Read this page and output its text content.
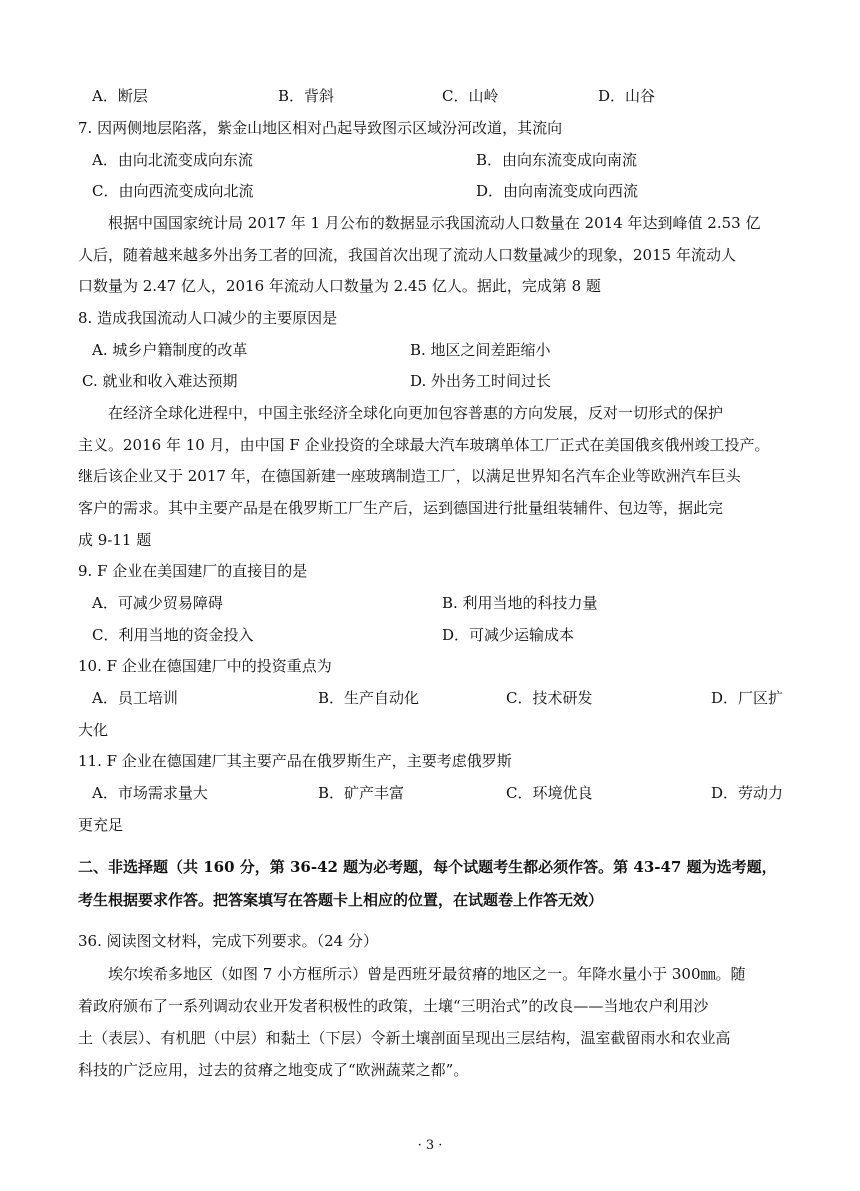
A．断层	B．背斜	C．山岭	D．山谷
7. 因两侧地层陷落，紫金山地区相对凸起导致图示区域汾河改道，其流向
A．由向北流变成向东流	B．由向东流变成向南流
C．由向西流变成向北流	D．由向南流变成向西流
根据中国国家统计局 2017 年 1 月公布的数据显示我国流动人口数量在 2014 年达到峰值 2.53 亿
人后，随着越来越多外出务工者的回流，我国首次出现了流动人口数量减少的现象，2015 年流动人
口数量为 2.47 亿人，2016 年流动人口数量为 2.45 亿人。据此，完成第 8 题
8. 造成我国流动人口减少的主要原因是
A. 城乡户籍制度的改革	B. 地区之间差距缩小
C. 就业和收入难达预期	D. 外出务工时间过长
在经济全球化进程中，中国主张经济全球化向更加包容普惠的方向发展，反对一切形式的保护
主义。2016 年 10 月，由中国 F 企业投资的全球最大汽车玻璃单体工厂正式在美国俄亥俄州竣工投产。
继后该企业又于 2017 年，在德国新建一座玻璃制造工厂，以满足世界知名汽车企业等欧洲汽车巨头
客户的需求。其中主要产品是在俄罗斯工厂生产后，运到德国进行批量组装辅件、包边等，据此完
成 9-11 题
9. F 企业在美国建厂的直接目的是
A．可减少贸易障碍	B. 利用当地的科技力量
C．利用当地的资金投入	D．可减少运输成本
10. F 企业在德国建厂中的投资重点为
A．员工培训	B．生产自动化	C．技术研发	D．厂区扩
大化
11. F 企业在德国建厂其主要产品在俄罗斯生产，主要考虑俄罗斯
A．市场需求量大	B．矿产丰富	C．环境优良	D．劳动力
更充足
二、非选择题（共 160 分，第 36-42 题为必考题，每个试题考生都必须作答。第 43-47 题为选考题，
考生根据要求作答。把答案填写在答题卡上相应的位置，在试题卷上作答无效）
36. 阅读图文材料，完成下列要求。（24 分）
埃尔埃希多地区（如图 7 小方框所示）曾是西班牙最贫瘠的地区之一。年降水量小于 300㎜。随
着政府颁布了一系列调动农业开发者积极性的政策，土壤“三明治式”的改良——当地农户利用沙
土（表层）、有机肥（中层）和黏土（下层）令新土壤剖面呈现出三层结构，温室截留雨水和农业高
科技的广泛应用，过去的贫瘠之地变成了“欧洲蔬菜之都”。
· 3 ·
